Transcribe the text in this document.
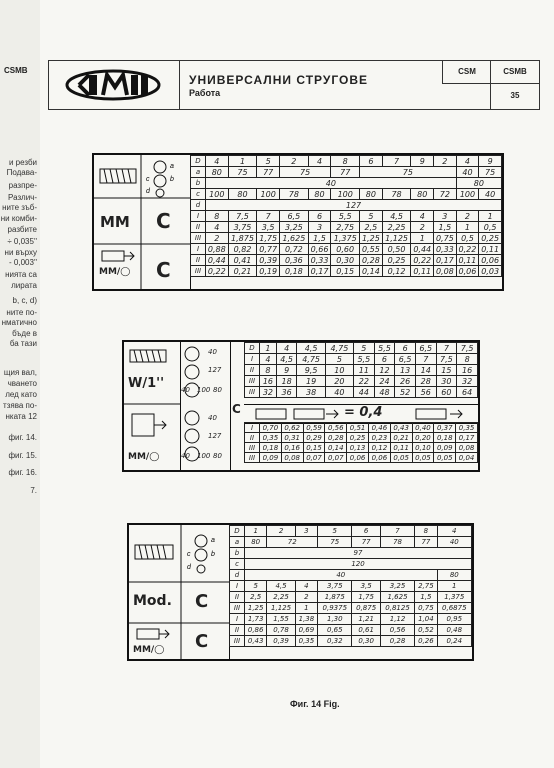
CSMB
и резби
Подава-
разпре-
Различ-
ните зъб-
ни комби-
разбите
÷ 0,035''
ни върху
- 0,003''
нията са
лирата
b, c, d)
ните по-
нматично
бъде в
ба тази
щия вал,
чването
лед като
тзява по-
нката 12
фиг. 14.
фиг. 15.
фиг. 16.
7.
УНИВЕРСАЛНИ СТРУГОВЕ
Работа
CSM	CSMB
35
a
b
c
d
MM C
MM/◯ C
D	4	1	5	2	4	8	6	7	9	2	4	9
a	80	75	77	75		77	75				40	75
b	40										80	
c	100	80	100	78	80	100	80	78	80	72	100	40
d	127											
I	8	7,5	7	6,5	6	5,5	5	4,5	4	3	2	1
II	4	3,75	3,5	3,25	3	2,75	2,5	2,25	2	1,5	1	0,5
III	2	1,875	1,75	1,625	1,5	1,375	1,25	1,125	1	0,75	0,5	0,25
I	0,88	0,82	0,77	0,72	0,66	0,60	0,55	0,50	0,44	0,33	0,22	0,11
II	0,44	0,41	0,39	0,36	0,33	0,30	0,28	0,25	0,22	0,17	0,11	0,06
III	0,22	0,21	0,19	0,18	0,17	0,15	0,14	0,12	0,11	0,08	0,06	0,03
W/1''
MM/◯
C
40
127
40 100 80
40
127
40 100 80
D	1	4	4,5	4,75	5	5,5	6	6,5	7	7,5
I	4	4,5	4,75	5	5,5	6	6,5	7	7,5	8
II	8	9	9,5	10	11	12	13	14	15	16
III	16	18	19	20	22	24	26	28	30	32
III	32	36	38	40	44	48	52	56	60	64
= 0,4
I	0,70	0,62	0,59	0,56	0,51	0,46	0,43	0,40	0,37	0,35
II	0,35	0,31	0,29	0,28	0,25	0,23	0,21	0,20	0,18	0,17
III	0,18	0,16	0,15	0,14	0,13	0,12	0,11	0,10	0,09	0,08
III	0,09	0,08	0,07	0,07	0,06	0,06	0,05	0,05	0,05	0,04
a
b
c
d
Mod. C
MM/◯ C
D	1	2	3	5	6	7	8	4
a	80	72		75	77	78	77	40
b	97							
c	120							
d	40							80
I	5	4,5	4	3,75	3,5	3,25	2,75	1
II	2,5	2,25	2	1,875	1,75	1,625	1,5	1,375
III	1,25	1,125	1	0,9375	0,875	0,8125	0,75	0,6875
I	1,73	1,55	1,38	1,30	1,21	1,12	1,04	0,95
II	0,86	0,78	0,69	0,65	0,61	0,56	0,52	0,48
III	0,43	0,39	0,35	0,32	0,30	0,28	0,26	0,24
Фиг. 14 Fig.
